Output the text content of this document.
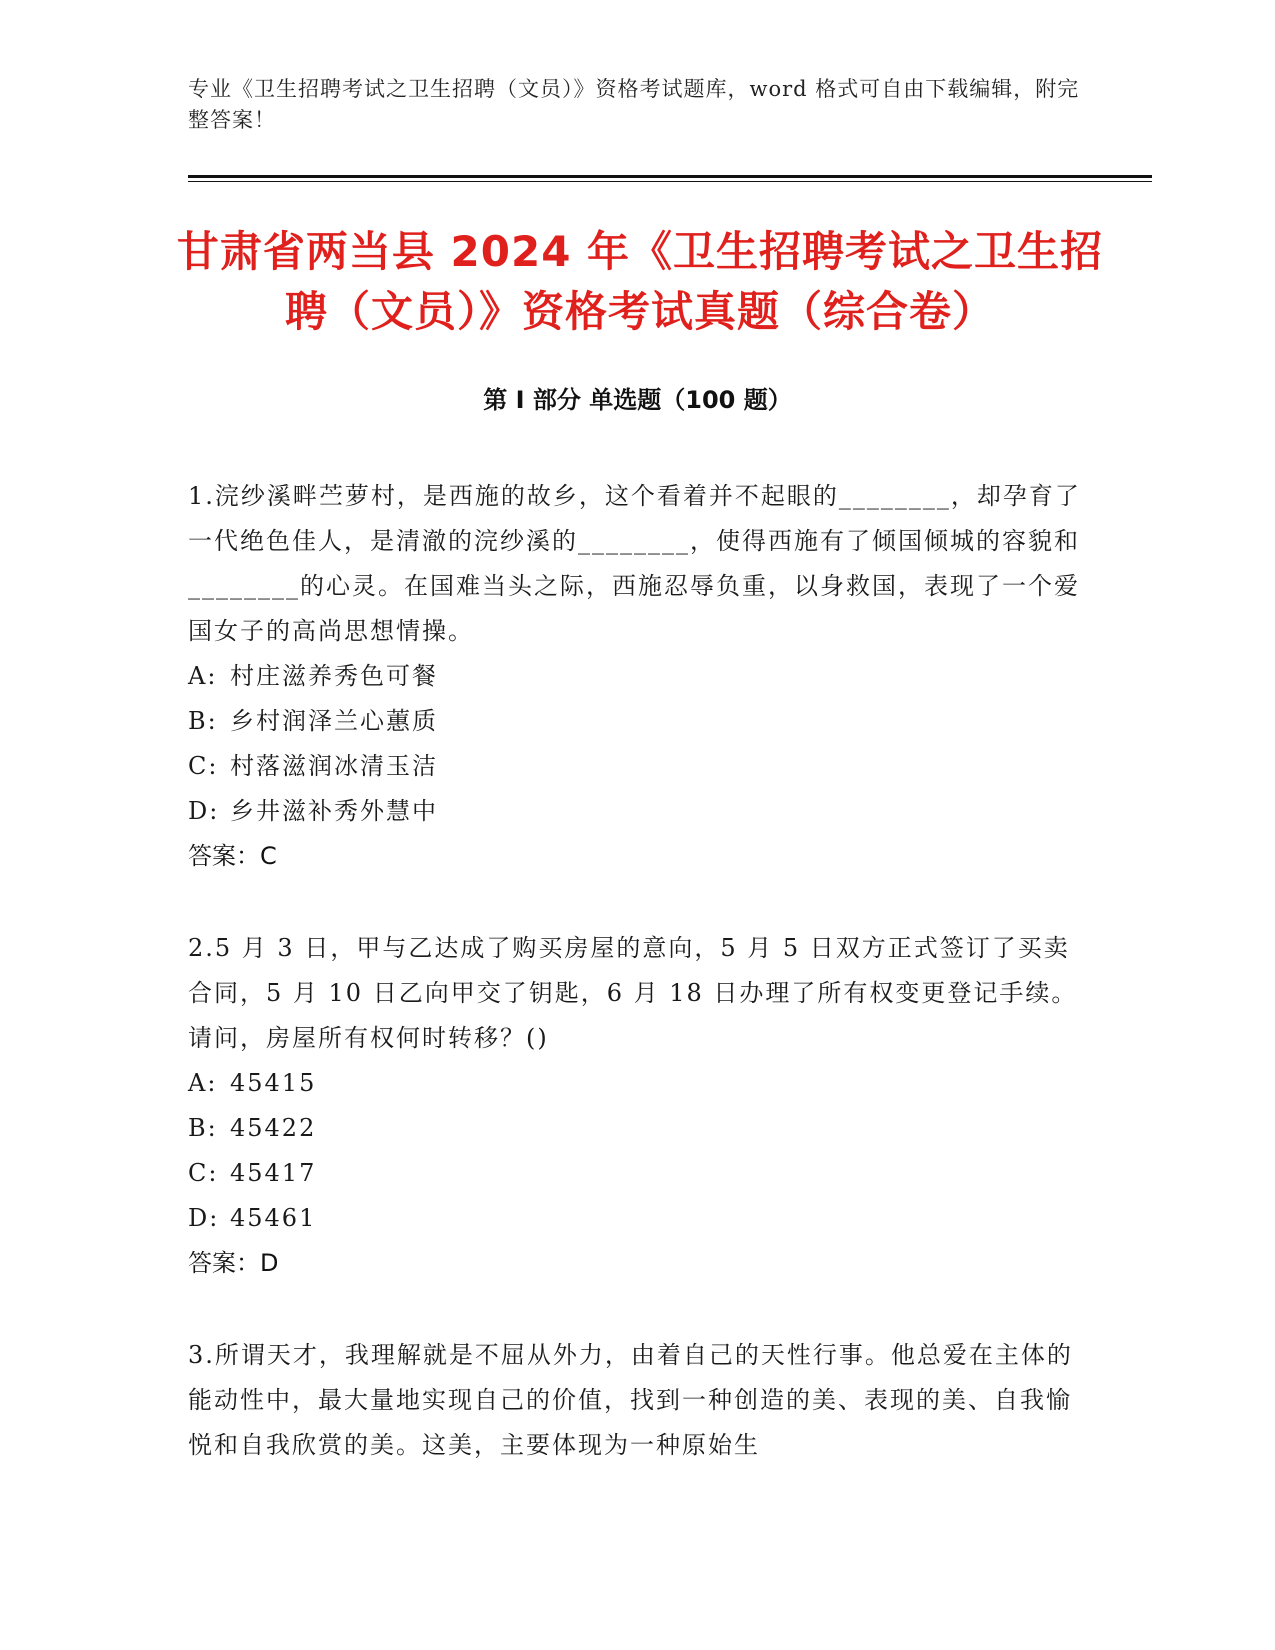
专业《卫生招聘考试之卫生招聘（文员）》资格考试题库，word 格式可自由下载编辑，附完整答案！
甘肃省两当县 2024 年《卫生招聘考试之卫生招聘（文员）》资格考试真题（综合卷）
第 I 部分 单选题（100 题）
1.浣纱溪畔苎萝村，是西施的故乡，这个看着并不起眼的________，却孕育了一代绝色佳人，是清澈的浣纱溪的________，使得西施有了倾国倾城的容貌和________的心灵。在国难当头之际，西施忍辱负重，以身救国，表现了一个爱国女子的高尚思想情操。
A: 村庄滋养秀色可餐
B: 乡村润泽兰心蕙质
C: 村落滋润冰清玉洁
D: 乡井滋补秀外慧中
答案：C
2.5 月 3 日，甲与乙达成了购买房屋的意向，5 月 5 日双方正式签订了买卖合同，5 月 10 日乙向甲交了钥匙，6 月 18 日办理了所有权变更登记手续。请问，房屋所有权何时转移？()
A: 45415
B: 45422
C: 45417
D: 45461
答案：D
3.所谓天才，我理解就是不屈从外力，由着自己的天性行事。他总爱在主体的能动性中，最大量地实现自己的价值，找到一种创造的美、表现的美、自我愉悦和自我欣赏的美。这美，主要体现为一种原始生
